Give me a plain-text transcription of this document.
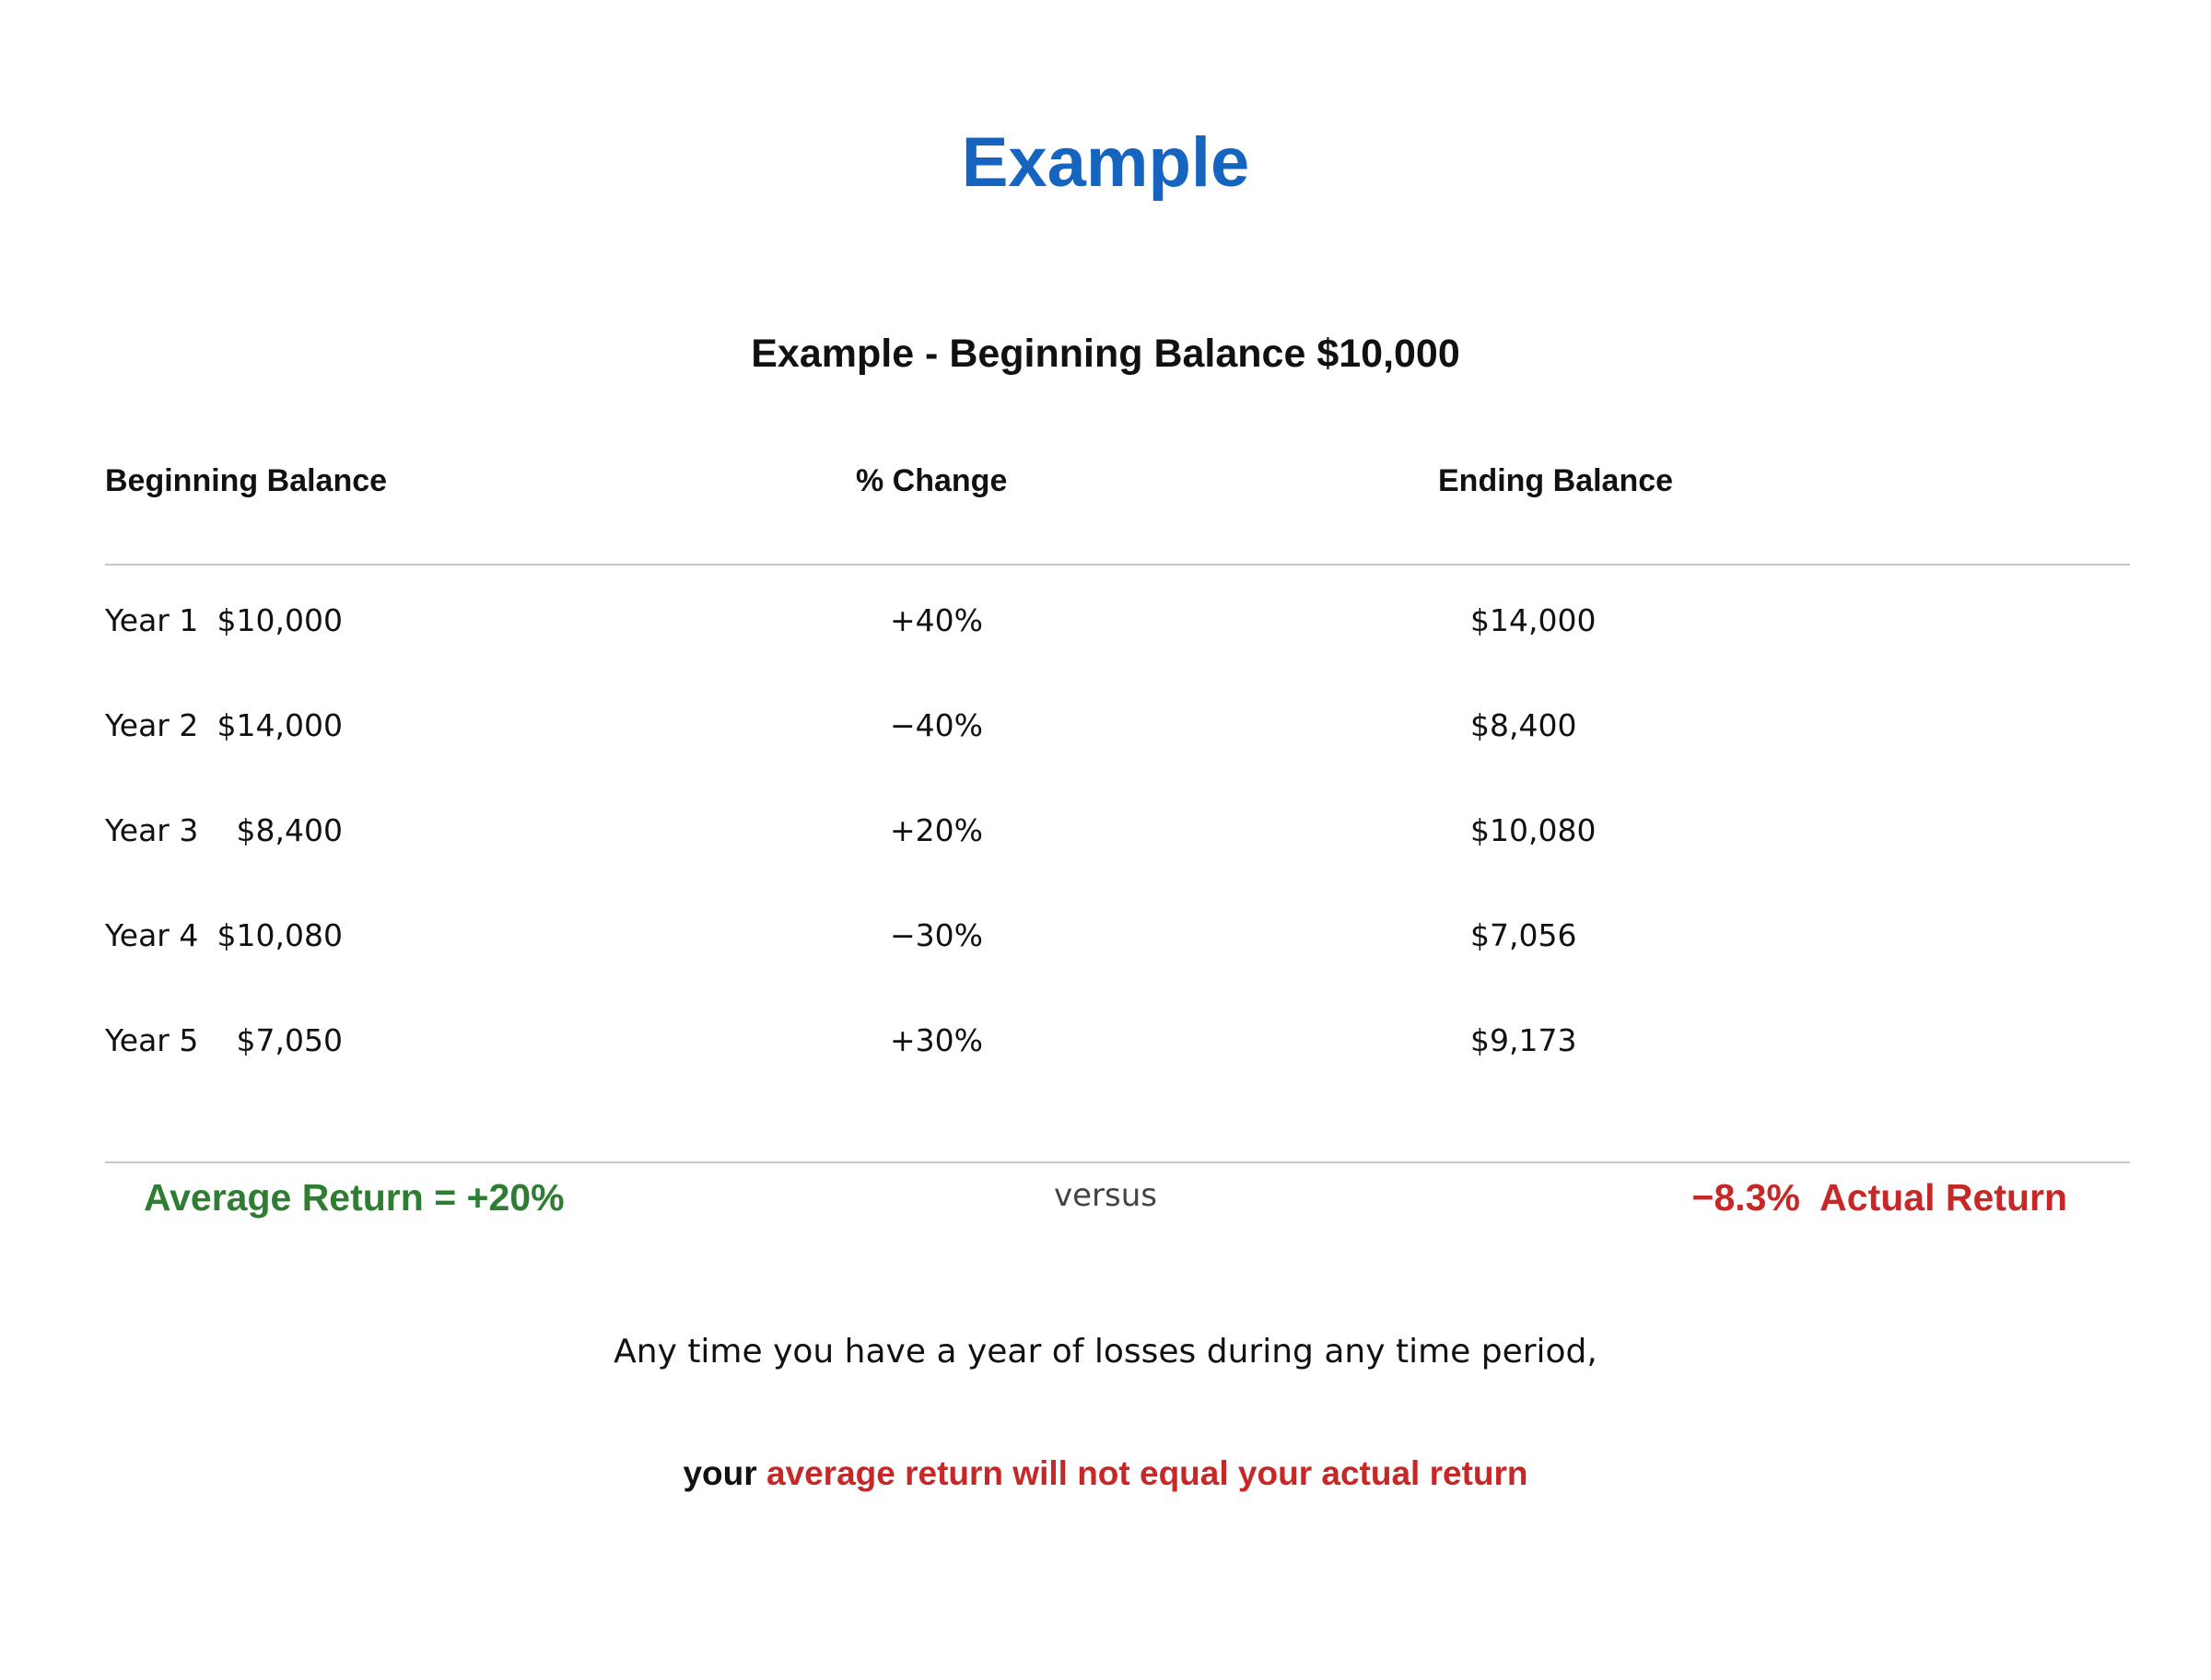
Example
Example - Beginning Balance $10,000
Beginning Balance	% Change	Ending Balance
Year 1 $10,000	+40%	$14,000
Year 2 $14,000	−40%	$8,400
Year 3	$8,400	+20%	$10,080
Year 4 $10,080	−30%	$7,056
Year 5	$7,050	+30%	$9,173
Average Return = +20%	versus	−8.3%  Actual Return

Any time you have a year of losses during any time period,

your average return will not equal your actual return
